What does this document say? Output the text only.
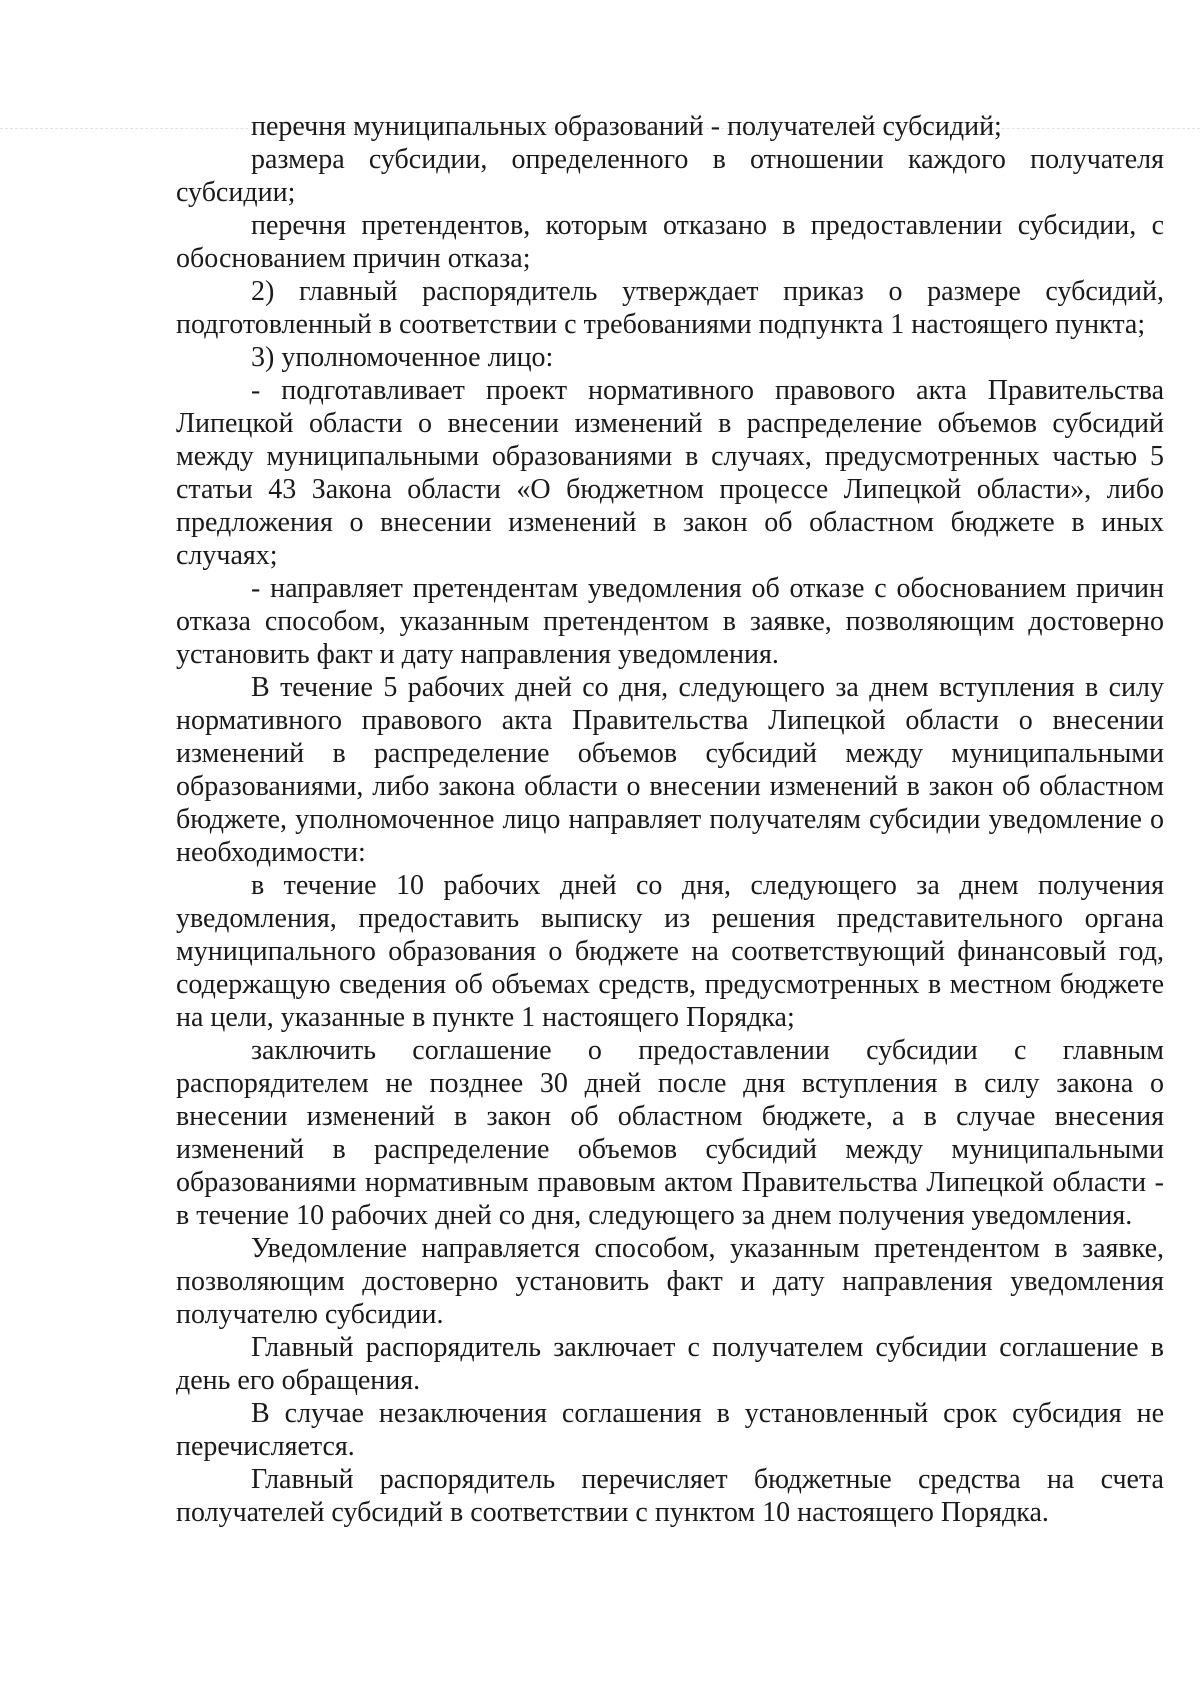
перечня муниципальных образований - получателей субсидий;

размера субсидии, определенного в отношении каждого получателя субсидии;

перечня претендентов, которым отказано в предоставлении субсидии, с обоснованием причин отказа;

2) главный распорядитель утверждает приказ о размере субсидий, подготовленный в соответствии с требованиями подпункта 1 настоящего пункта;

3) уполномоченное лицо:

- подготавливает проект нормативного правового акта Правительства Липецкой области о внесении изменений в распределение объемов субсидий между муниципальными образованиями в случаях, предусмотренных частью 5 статьи 43 Закона области «О бюджетном процессе Липецкой области», либо предложения о внесении изменений в закон об областном бюджете в иных случаях;

- направляет претендентам уведомления об отказе с обоснованием причин отказа способом, указанным претендентом в заявке, позволяющим достоверно установить факт и дату направления уведомления.

В течение 5 рабочих дней со дня, следующего за днем вступления в силу нормативного правового акта Правительства Липецкой области о внесении изменений в распределение объемов субсидий между муниципальными образованиями, либо закона области о внесении изменений в закон об областном бюджете, уполномоченное лицо направляет получателям субсидии уведомление о необходимости:

в течение 10 рабочих дней со дня, следующего за днем получения уведомления, предоставить выписку из решения представительного органа муниципального образования о бюджете на соответствующий финансовый год, содержащую сведения об объемах средств, предусмотренных в местном бюджете на цели, указанные в пункте 1 настоящего Порядка;

заключить соглашение о предоставлении субсидии с главным распорядителем не позднее 30 дней после дня вступления в силу закона о внесении изменений в закон об областном бюджете, а в случае внесения изменений в распределение объемов субсидий между муниципальными образованиями нормативным правовым актом Правительства Липецкой области - в течение 10 рабочих дней со дня, следующего за днем получения уведомления.

Уведомление направляется способом, указанным претендентом в заявке, позволяющим достоверно установить факт и дату направления уведомления получателю субсидии.

Главный распорядитель заключает с получателем субсидии соглашение в день его обращения.

В случае незаключения соглашения в установленный срок субсидия не перечисляется.

Главный распорядитель перечисляет бюджетные средства на счета получателей субсидий в соответствии с пунктом 10 настоящего Порядка.
